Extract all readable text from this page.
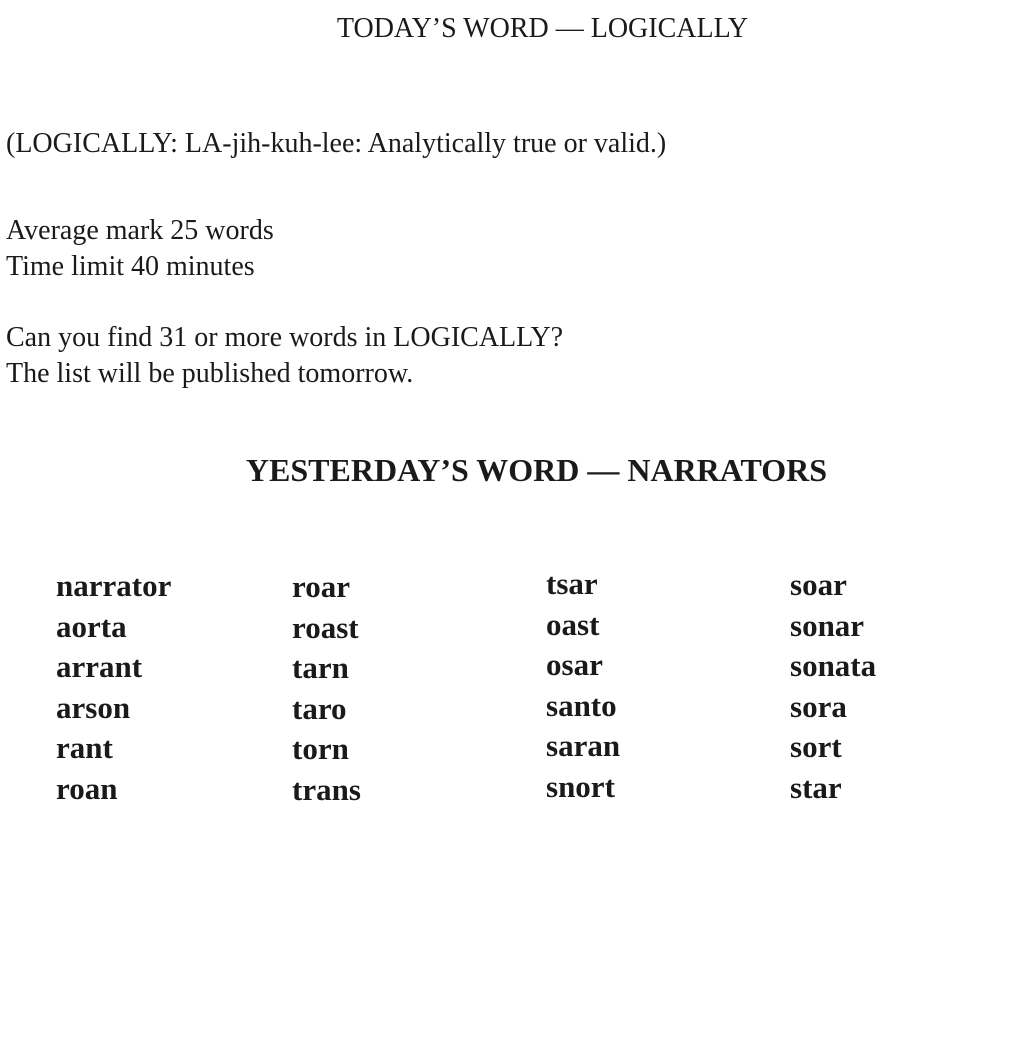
TODAY’S WORD — LOGICALLY
(LOGICALLY: LA-jih-kuh-lee: Analytically true or valid.)
Average mark 25 words
Time limit 40 minutes
Can you find 31 or more words in LOGICALLY?
The list will be published tomorrow.
YESTERDAY’S WORD — NARRATORS
narrator
aorta
arrant
arson
rant
roan
roar
roast
tarn
taro
torn
trans
tsar
oast
osar
santo
saran
snort
soar
sonar
sonata
sora
sort
star
